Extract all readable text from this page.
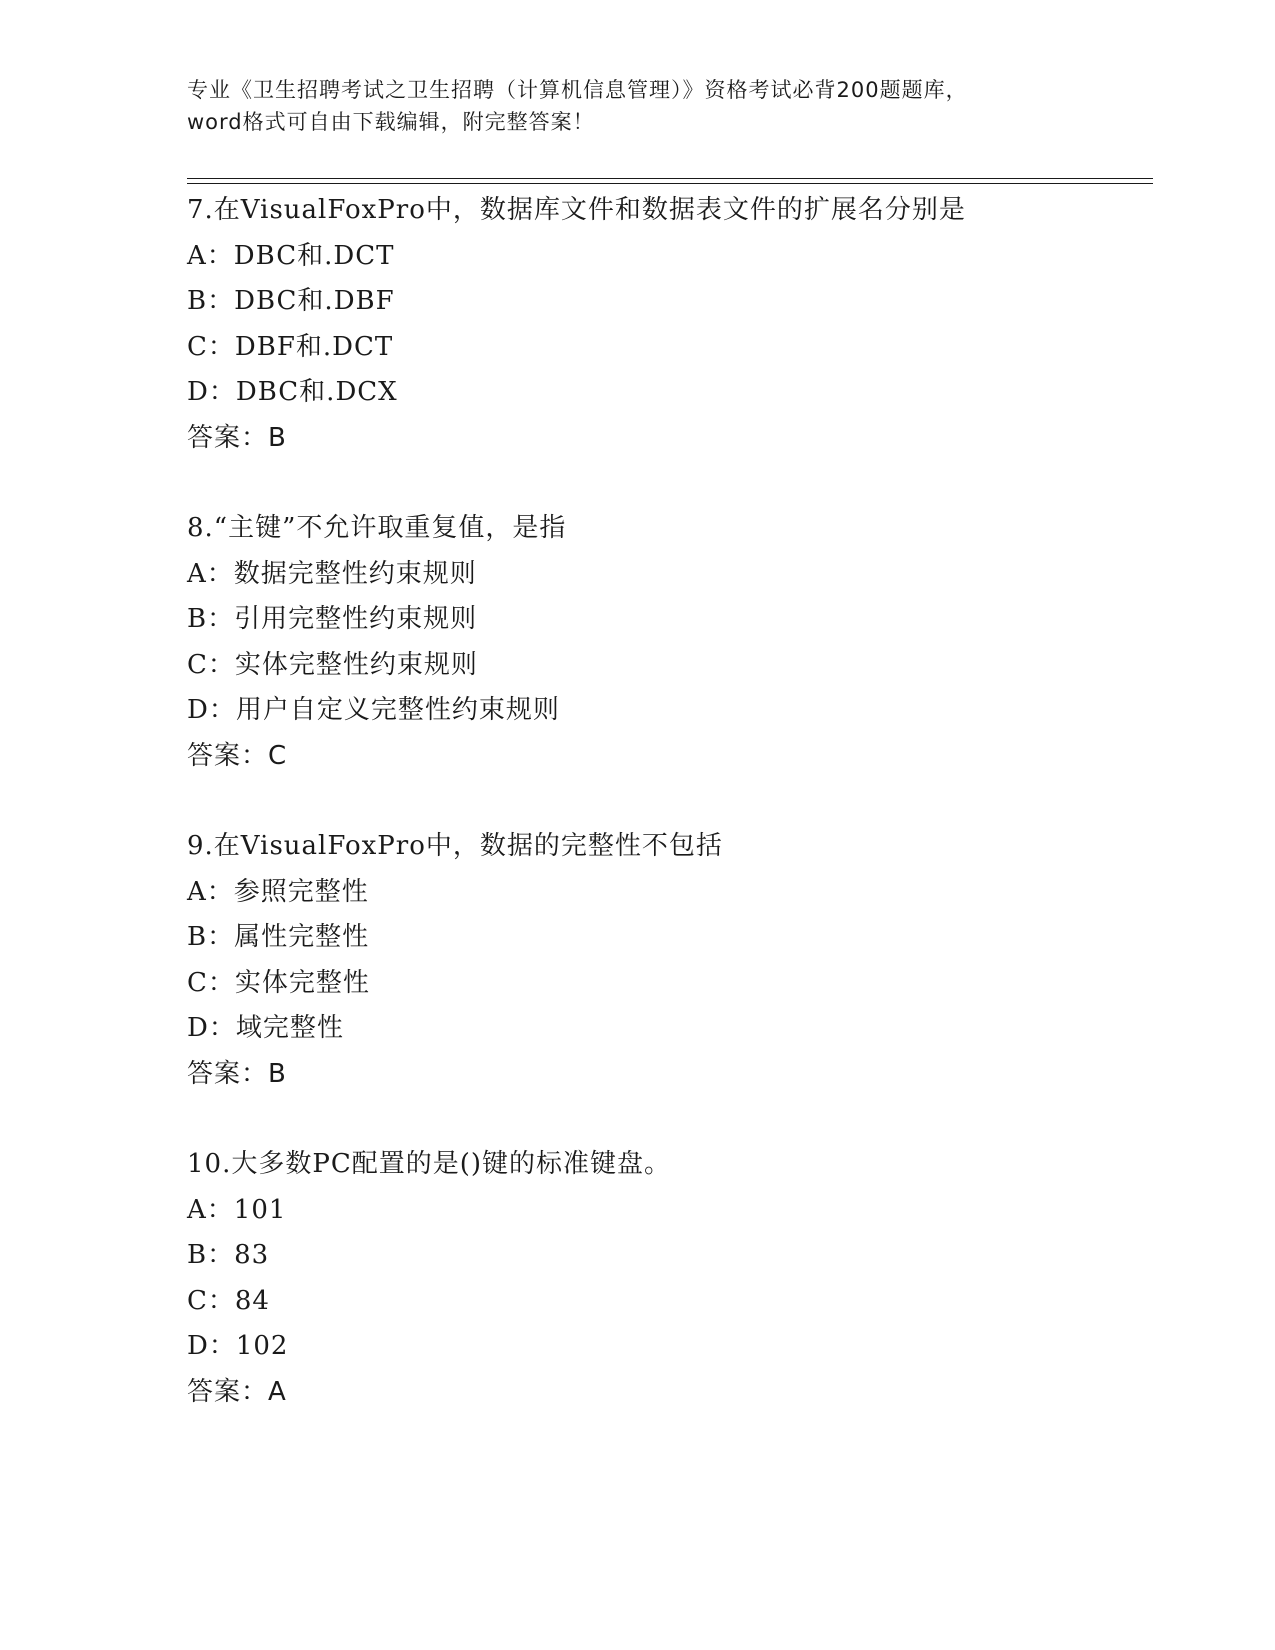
专业《卫生招聘考试之卫生招聘（计算机信息管理）》资格考试必背200题题库，
word格式可自由下载编辑，附完整答案！
7.在VisualFoxPro中，数据库文件和数据表文件的扩展名分别是
A：DBC和.DCT
B：DBC和.DBF
C：DBF和.DCT
D：DBC和.DCX
答案：B
8.“主键”不允许取重复值，是指
A：数据完整性约束规则
B：引用完整性约束规则
C：实体完整性约束规则
D：用户自定义完整性约束规则
答案：C
9.在VisualFoxPro中，数据的完整性不包括
A：参照完整性
B：属性完整性
C：实体完整性
D：域完整性
答案：B
10.大多数PC配置的是()键的标准键盘。
A：101
B：83
C：84
D：102
答案：A
